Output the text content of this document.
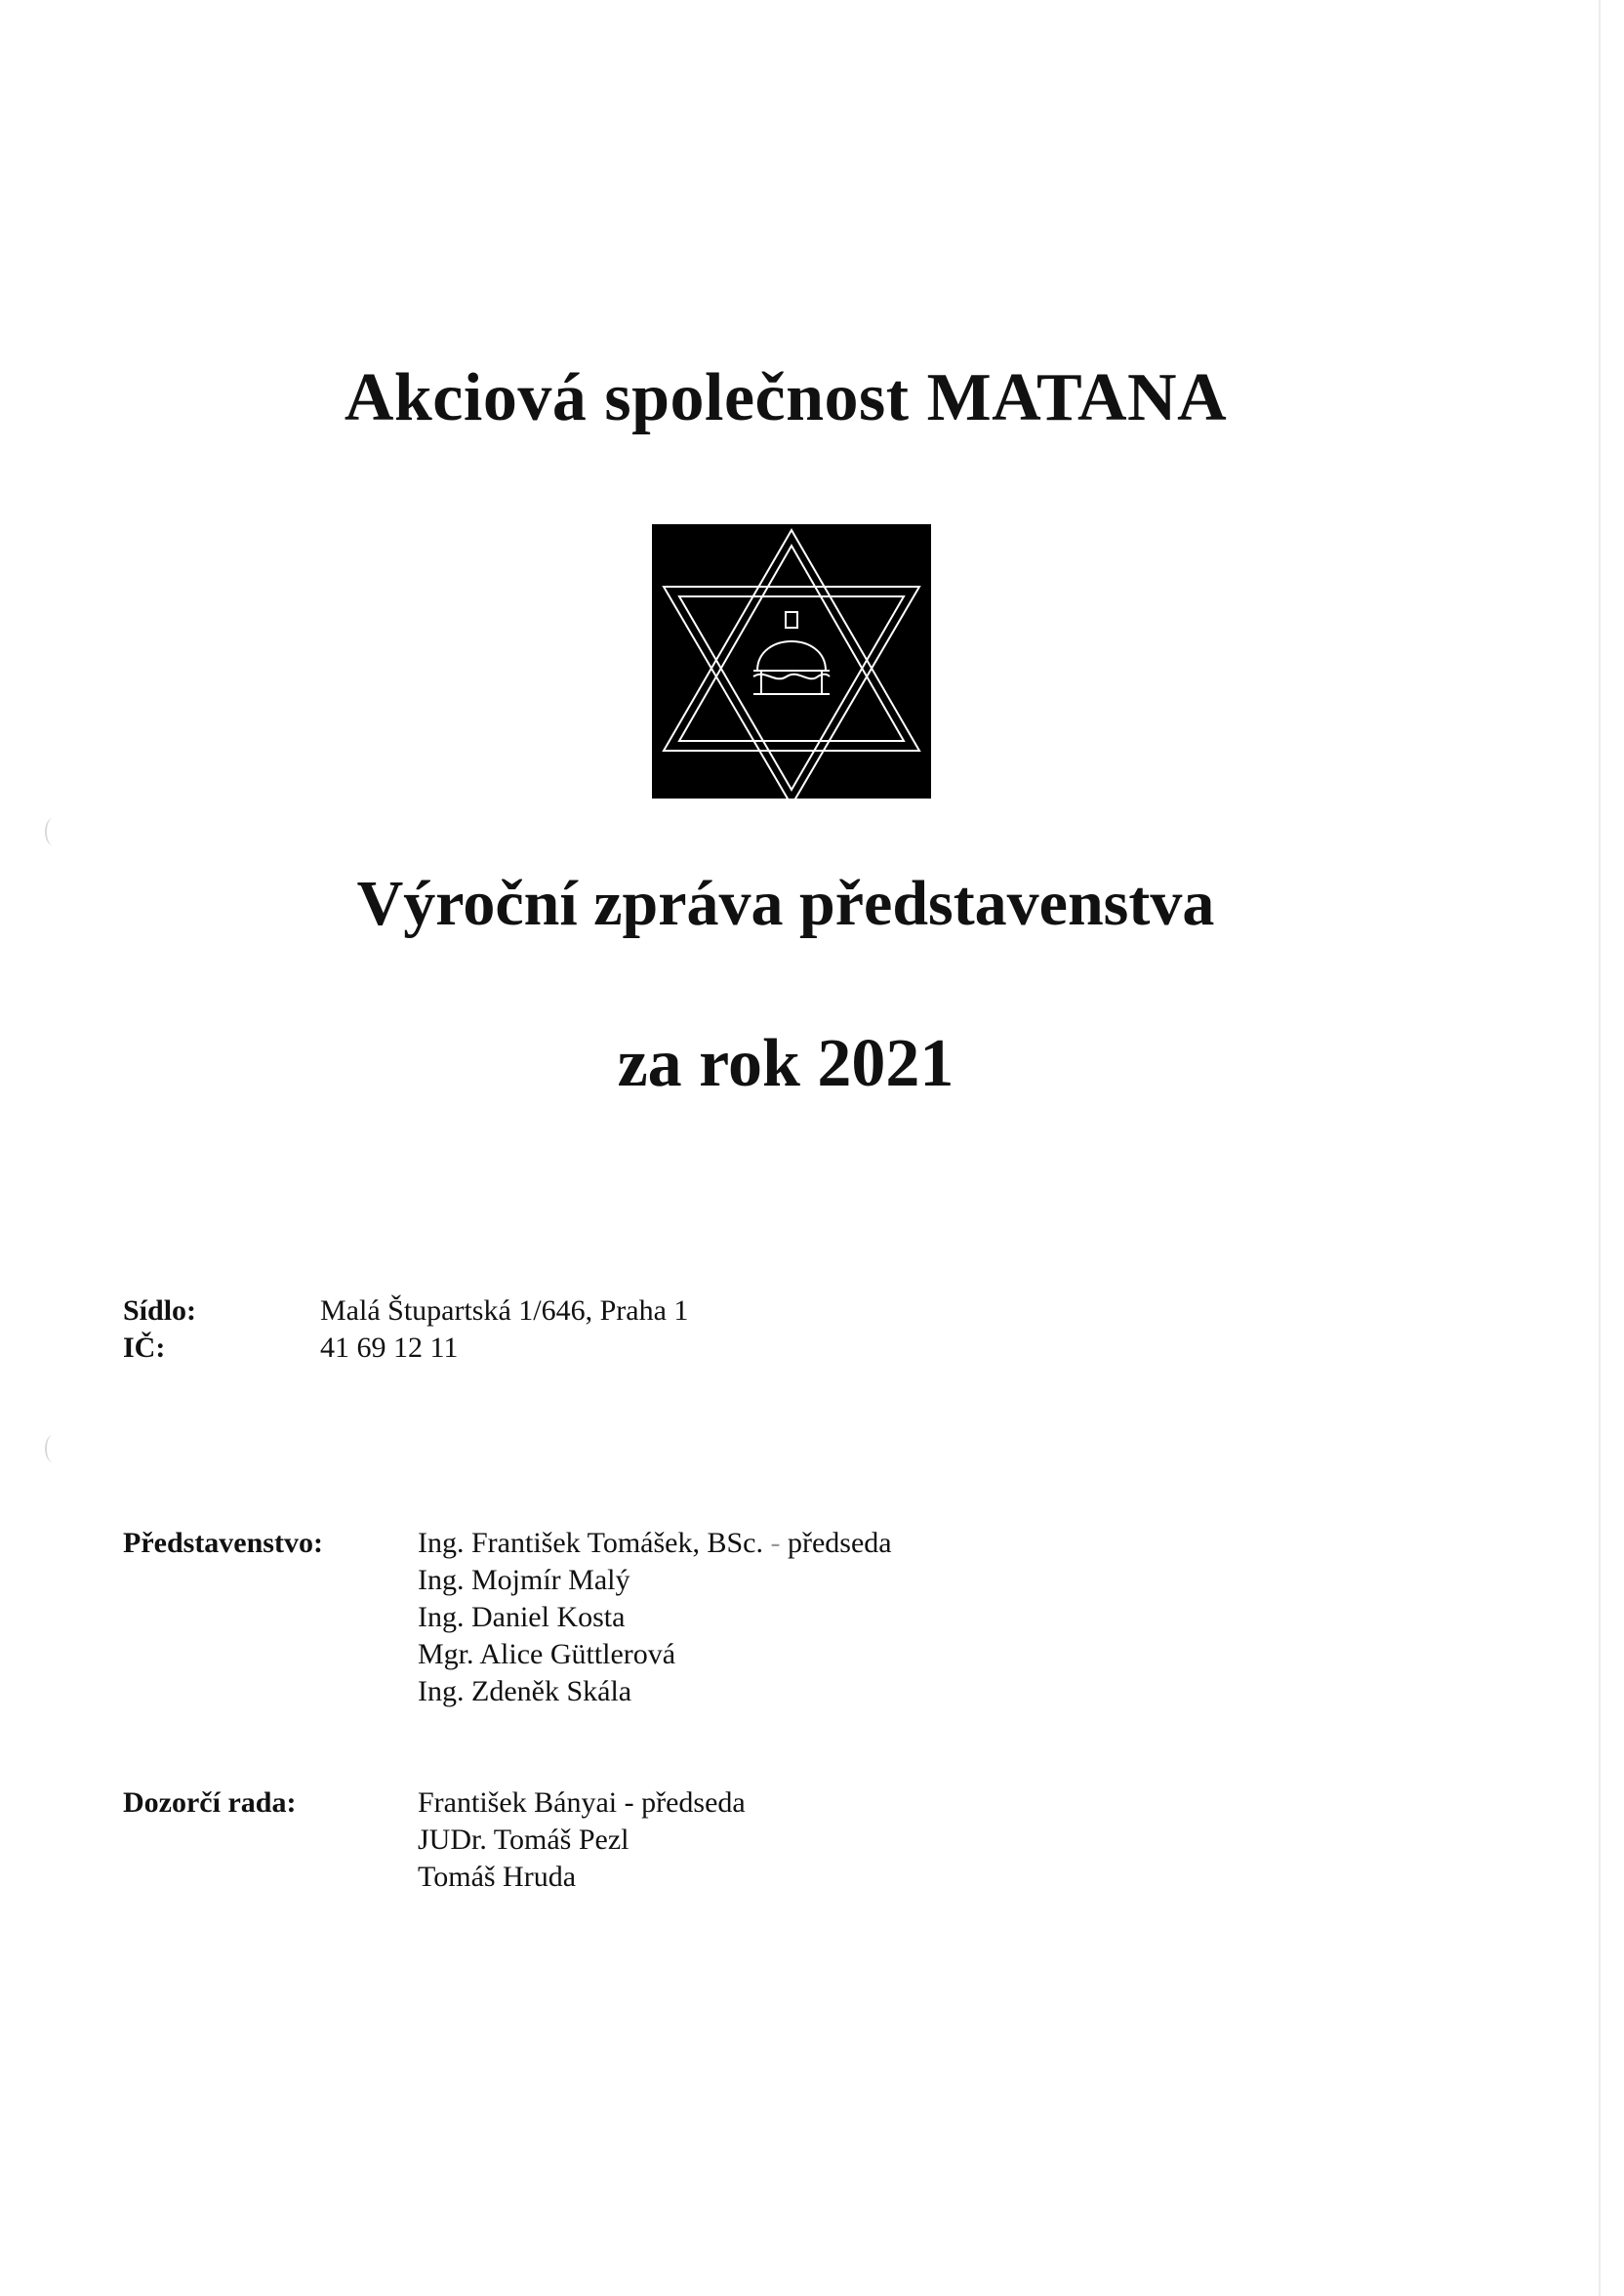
Akciová společnost MATANA
Výroční zpráva představenstva
za rok 2021
Sídlo:	Malá Štupartská 1/646, Praha 1
IČ:	41 69 12 11
Představenstvo:	Ing. František Tomášek, BSc. - předseda
Ing. Mojmír Malý
Ing. Daniel Kosta
Mgr. Alice Güttlerová
Ing. Zdeněk Skála
Dozorčí rada:	František Bányai - předseda
JUDr. Tomáš Pezl
Tomáš Hruda
